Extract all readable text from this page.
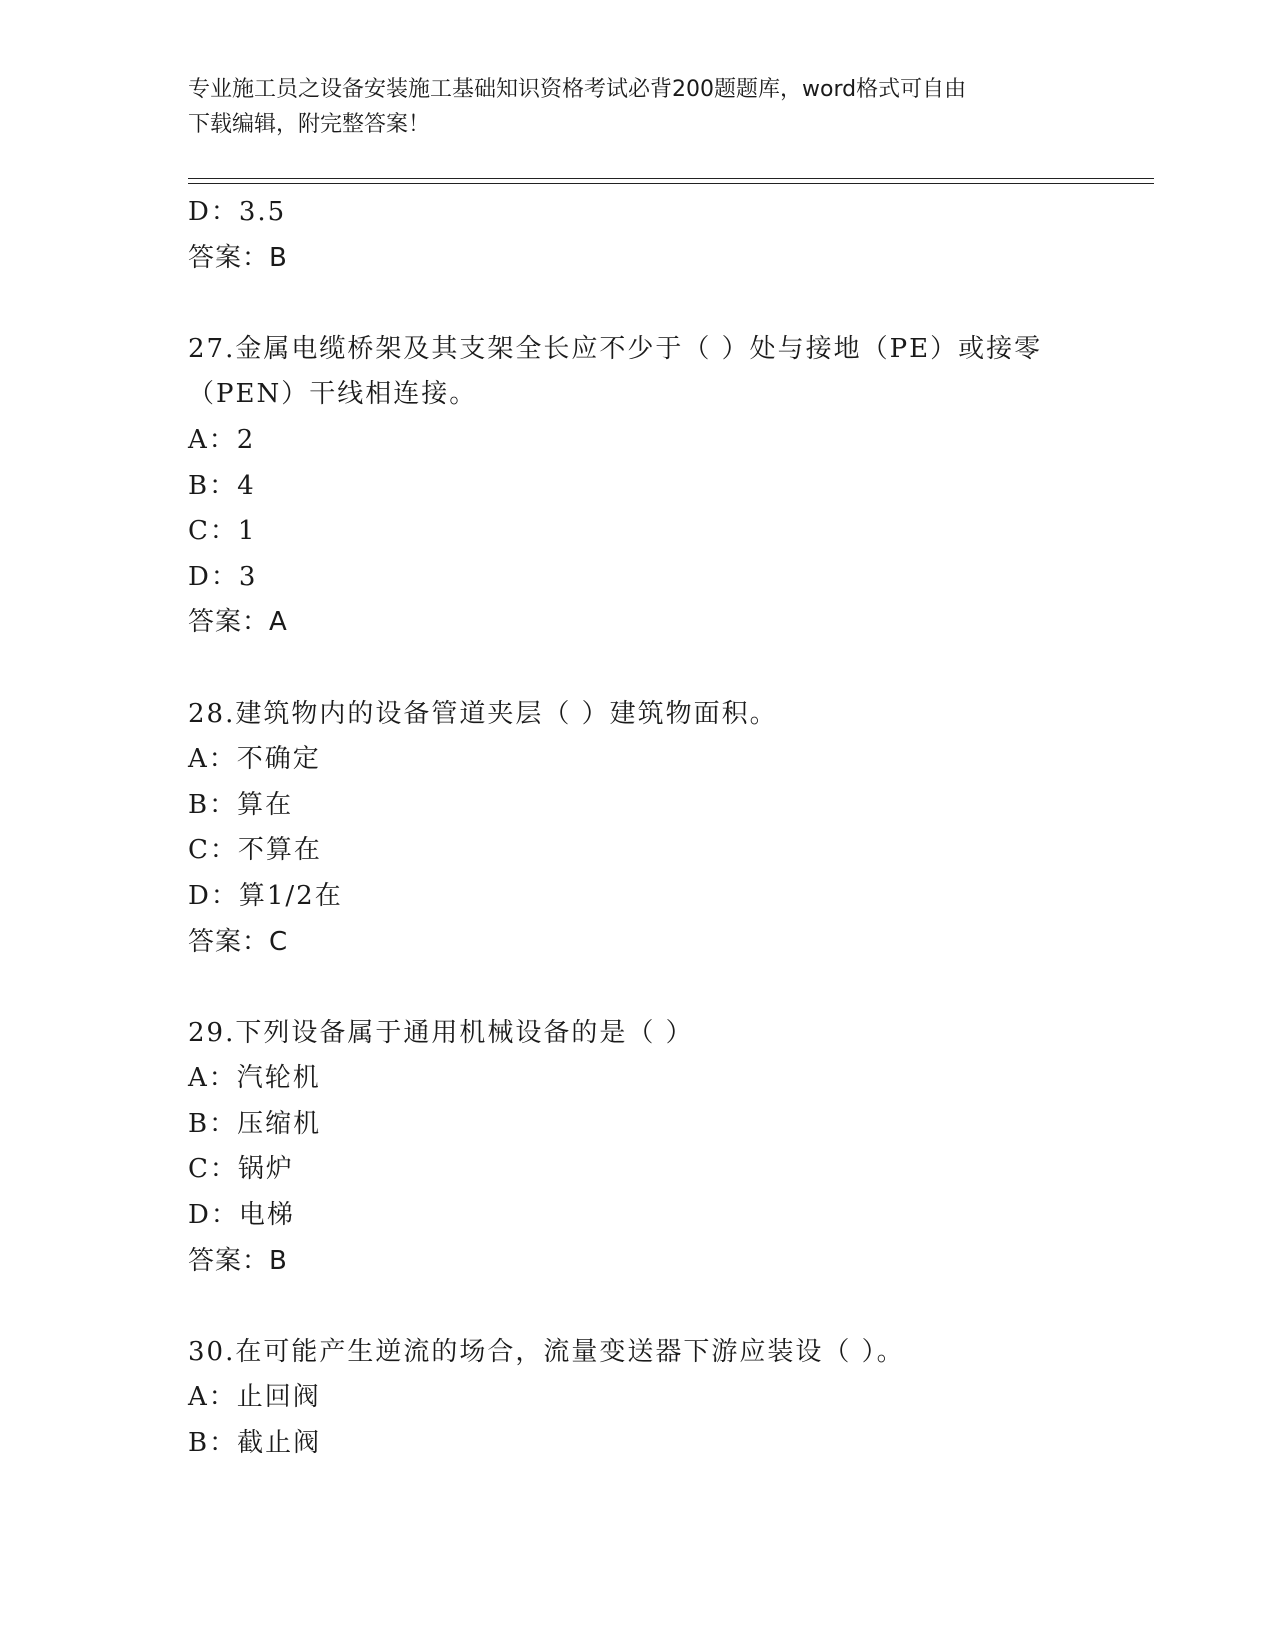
专业施工员之设备安装施工基础知识资格考试必背200题题库，word格式可自由
下载编辑，附完整答案！
D：3.5
答案：B
27.金属电缆桥架及其支架全长应不少于（ ）处与接地（PE）或接零
（PEN）干线相连接。
A：2
B：4
C：1
D：3
答案：A
28.建筑物内的设备管道夹层（ ）建筑物面积。
A：不确定
B：算在
C：不算在
D：算1/2在
答案：C
29.下列设备属于通用机械设备的是（ ）
A：汽轮机
B：压缩机
C：锅炉
D：电梯
答案：B
30.在可能产生逆流的场合，流量变送器下游应装设（ ）。
A：止回阀
B：截止阀
